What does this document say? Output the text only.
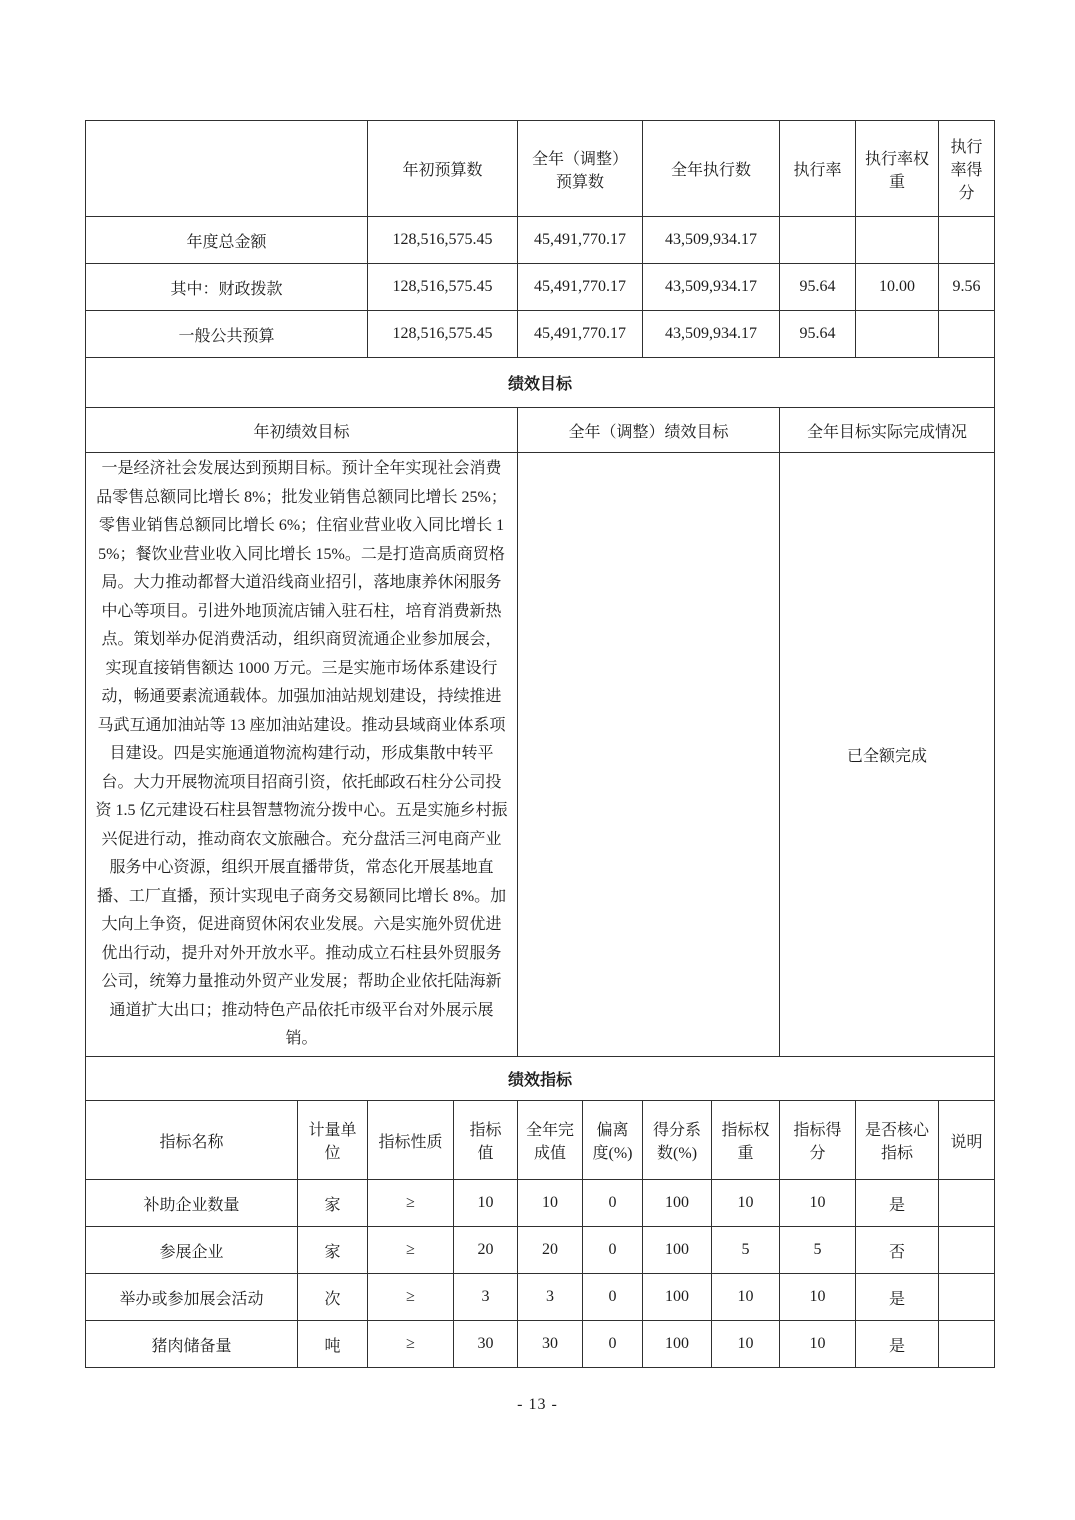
		年初预算数		全年（调整）预算数		全年执行数		执行率	执行率权重	执行率得分
年度总金额		128,516,575.45		45,491,770.17		43,509,934.17				
其中：财政拨款		128,516,575.45		45,491,770.17		43,509,934.17		95.64	10.00	9.56
一般公共预算		128,516,575.45		45,491,770.17		43,509,934.17		95.64		
绩效目标										
年初绩效目标				全年（调整）绩效目标				全年目标实际完成情况		
一是经济社会发展达到预期目标。预计全年实现社会消费品零售总额同比增长 8%；批发业销售总额同比增长 25%；零售业销售总额同比增长 6%；住宿业营业收入同比增长 15%；餐饮业营业收入同比增长 15%。二是打造高质商贸格局。大力推动都督大道沿线商业招引，落地康养休闲服务中心等项目。引进外地顶流店铺入驻石柱，培育消费新热点。策划举办促消费活动，组织商贸流通企业参加展会，实现直接销售额达 1000 万元。三是实施市场体系建设行动，畅通要素流通载体。加强加油站规划建设，持续推进马武互通加油站等 13 座加油站建设。推动县域商业体系项目建设。四是实施通道物流构建行动，形成集散中转平台。大力开展物流项目招商引资，依托邮政石柱分公司投资 1.5 亿元建设石柱县智慧物流分拨中心。五是实施乡村振兴促进行动，推动商农文旅融合。充分盘活三河电商产业服务中心资源，组织开展直播带货，常态化开展基地直播、工厂直播，预计实现电子商务交易额同比增长 8%。加大向上争资，促进商贸休闲农业发展。六是实施外贸优进优出行动，提升对外开放水平。推动成立石柱县外贸服务公司，统筹力量推动外贸产业发展；帮助企业依托陆海新通道扩大出口；推动特色产品依托市级平台对外展示展销。								已全额完成		
绩效指标										
指标名称	计量单位	指标性质	指标值	全年完成值	偏离度(%)	得分系数(%)	指标权重	指标得分	是否核心指标	说明
补助企业数量	家	≥	10	10	0	100	10	10	是	
参展企业	家	≥	20	20	0	100	5	5	否	
举办或参加展会活动	次	≥	3	3	0	100	10	10	是	
猪肉储备量	吨	≥	30	30	0	100	10	10	是	
- 13 -
